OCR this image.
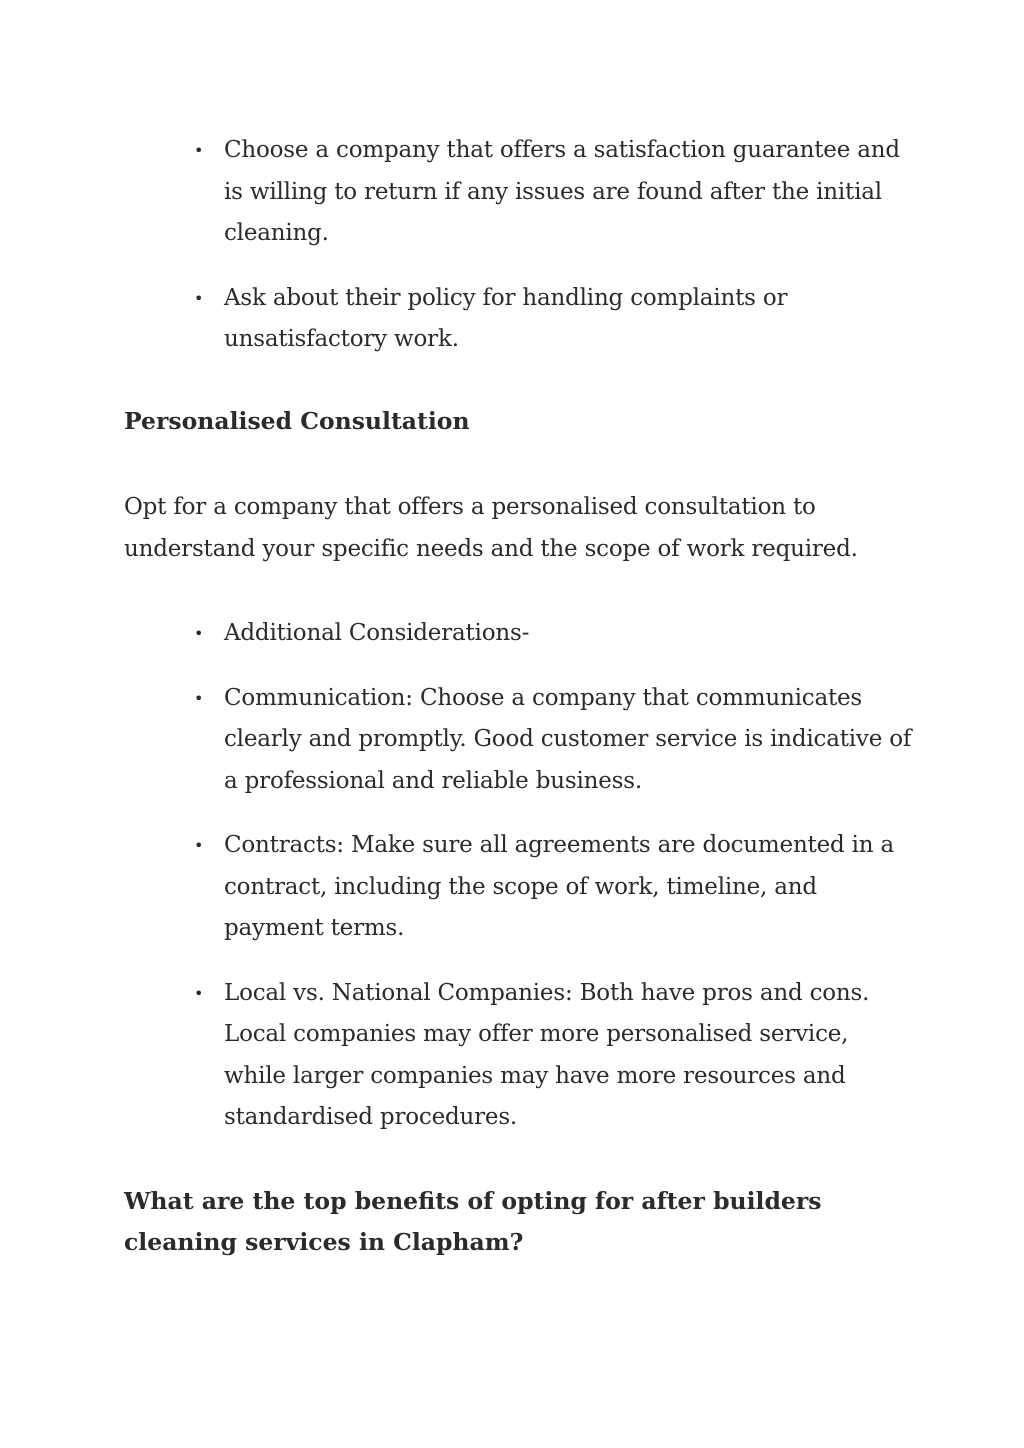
• Choose a company that offers a satisfaction guarantee and is willing to return if any issues are found after the initial cleaning.
• Ask about their policy for handling complaints or unsatisfactory work.
Personalised Consultation

Opt for a company that offers a personalised consultation to understand your specific needs and the scope of work required.

• Additional Considerations-
• Communication: Choose a company that communicates clearly and promptly. Good customer service is indicative of a professional and reliable business.
• Contracts: Make sure all agreements are documented in a contract, including the scope of work, timeline, and payment terms.
• Local vs. National Companies: Both have pros and cons. Local companies may offer more personalised service, while larger companies may have more resources and standardised procedures.
What are the top benefits of opting for after builders cleaning services in Clapham?
